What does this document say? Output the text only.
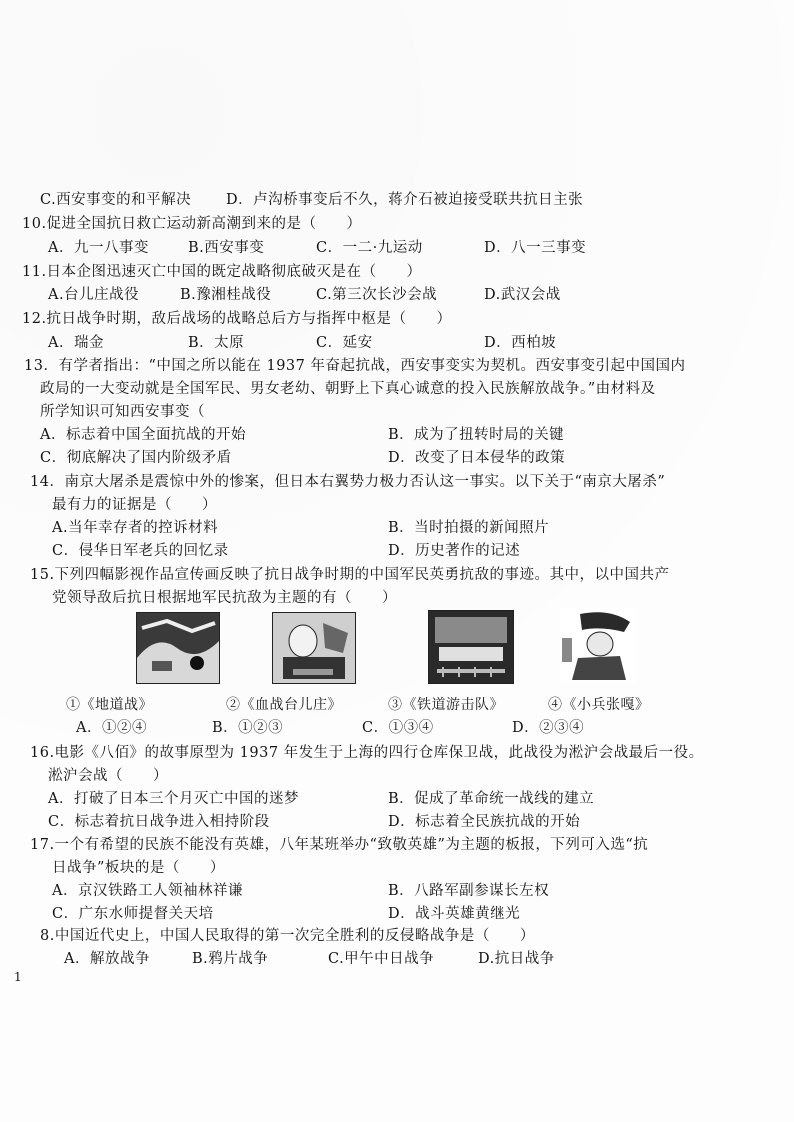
C.西安事变的和平解决 D．卢沟桥事变后不久，蒋介石被迫接受联共抗日主张
10.促进全国抗日救亡运动新高潮到来的是（　　）
A．九一八事变	B.西安事变	C．一二·九运动	D．八一三事变
11.日本企图迅速灭亡中国的既定战略彻底破灭是在（　　）
A.台儿庄战役	B.豫湘桂战役	C.第三次长沙会战	D.武汉会战
12.抗日战争时期，敌后战场的战略总后方与指挥中枢是（　　）
A．瑞金	B．太原	C．延安	D．西柏坡
13．有学者指出：“中国之所以能在 1937 年奋起抗战，西安事变实为契机。西安事变引起中国国内
政局的一大变动就是全国军民、男女老幼、朝野上下真心诚意的投入民族解放战争。”由材料及
所学知识可知西安事变（
A．标志着中国全面抗战的开始	B．成为了扭转时局的关键
C．彻底解决了国内阶级矛盾	D．改变了日本侵华的政策
14．南京大屠杀是震惊中外的惨案，但日本右翼势力极力否认这一事实。以下关于“南京大屠杀”
最有力的证据是（　　）
A.当年幸存者的控诉材料	B．当时拍摄的新闻照片
C．侵华日军老兵的回忆录	D．历史著作的记述
15.下列四幅影视作品宣传画反映了抗日战争时期的中国军民英勇抗敌的事迹。其中，以中国共产
党领导敌后抗日根据地军民抗敌为主题的有（　　）
①《地道战》	②《血战台儿庄》	③《铁道游击队》	④《小兵张嘎》
A．①②④	B．①②③	C．①③④	D．②③④
16.电影《八佰》的故事原型为 1937 年发生于上海的四行仓库保卫战，此战役为淞沪会战最后一役。
淞沪会战（　　）
A．打破了日本三个月灭亡中国的迷梦	B．促成了革命统一战线的建立
C．标志着抗日战争进入相持阶段	D．标志着全民族抗战的开始
17.一个有希望的民族不能没有英雄，八年某班举办“致敬英雄”为主题的板报，下列可入选“抗
日战争”板块的是（　　）
A．京汉铁路工人领袖林祥谦	B．八路军副参谋长左权
C．广东水师提督关天培	D．战斗英雄黄继光
8.中国近代史上，中国人民取得的第一次完全胜利的反侵略战争是（　　）
A．解放战争	B.鸦片战争	C.甲午中日战争	D.抗日战争
1
